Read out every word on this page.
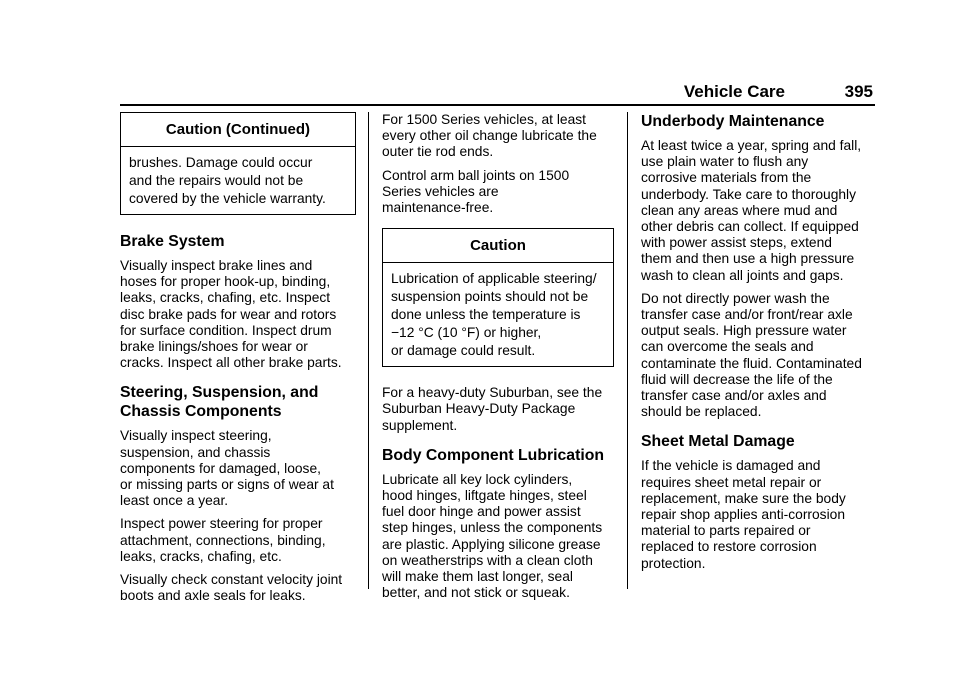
Vehicle Care	395
Caution (Continued)
brushes. Damage could occur
and the repairs would not be
covered by the vehicle warranty.
Brake System

Visually inspect brake lines and
hoses for proper hook-up, binding,
leaks, cracks, chafing, etc. Inspect
disc brake pads for wear and rotors
for surface condition. Inspect drum
brake linings/shoes for wear or
cracks. Inspect all other brake parts.

Steering, Suspension, and
Chassis Components

Visually inspect steering,
suspension, and chassis
components for damaged, loose,
or missing parts or signs of wear at
least once a year.

Inspect power steering for proper
attachment, connections, binding,
leaks, cracks, chafing, etc.

Visually check constant velocity joint
boots and axle seals for leaks.

For 1500 Series vehicles, at least
every other oil change lubricate the
outer tie rod ends.

Control arm ball joints on 1500
Series vehicles are
maintenance-free.

Caution
Lubrication of applicable steering/
suspension points should not be
done unless the temperature is
−12 °C (10 °F) or higher,
or damage could result.

For a heavy-duty Suburban, see the
Suburban Heavy-Duty Package
supplement.

Body Component Lubrication

Lubricate all key lock cylinders,
hood hinges, liftgate hinges, steel
fuel door hinge and power assist
step hinges, unless the components
are plastic. Applying silicone grease
on weatherstrips with a clean cloth
will make them last longer, seal
better, and not stick or squeak.

Underbody Maintenance

At least twice a year, spring and fall,
use plain water to flush any
corrosive materials from the
underbody. Take care to thoroughly
clean any areas where mud and
other debris can collect. If equipped
with power assist steps, extend
them and then use a high pressure
wash to clean all joints and gaps.

Do not directly power wash the
transfer case and/or front/rear axle
output seals. High pressure water
can overcome the seals and
contaminate the fluid. Contaminated
fluid will decrease the life of the
transfer case and/or axles and
should be replaced.

Sheet Metal Damage

If the vehicle is damaged and
requires sheet metal repair or
replacement, make sure the body
repair shop applies anti-corrosion
material to parts repaired or
replaced to restore corrosion
protection.
